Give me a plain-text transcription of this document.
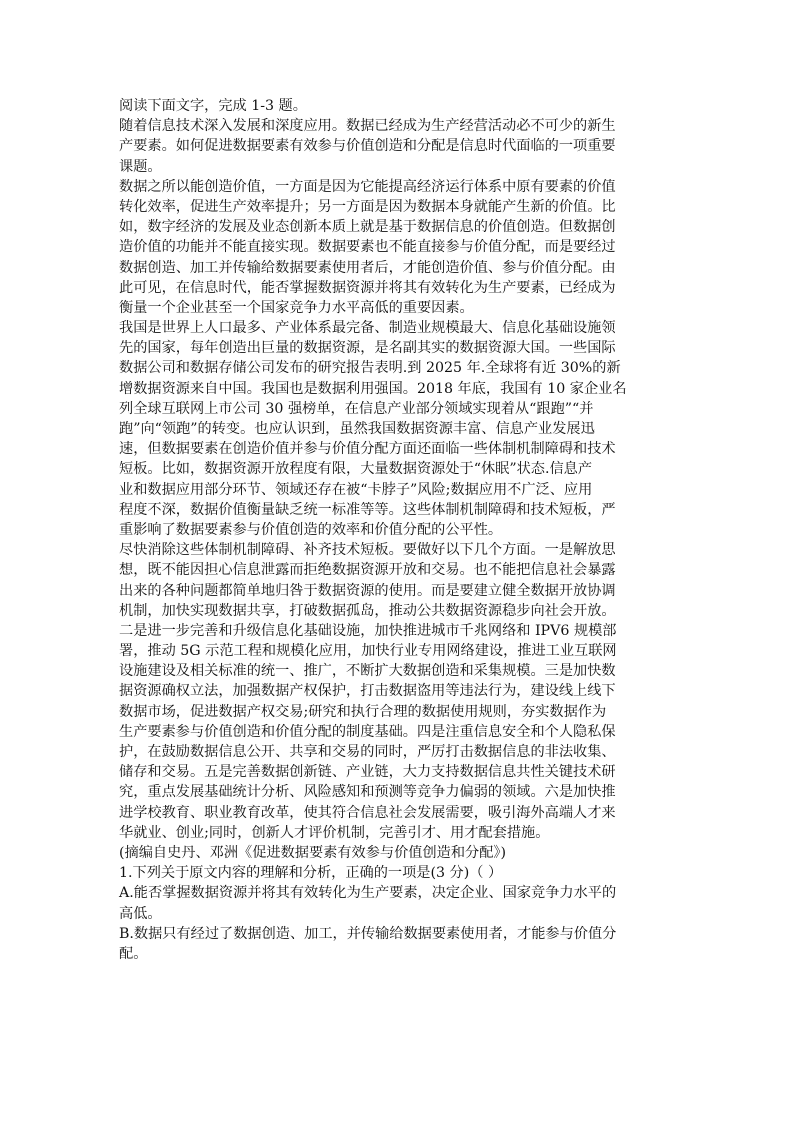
阅读下面文字，完成 1-3 题。
随着信息技术深入发展和深度应用。数据已经成为生产经营活动必不可少的新生
产要素。如何促进数据要素有效参与价值创造和分配是信息时代面临的一项重要
课题。
数据之所以能创造价值，一方面是因为它能提高经济运行体系中原有要素的价值
转化效率，促进生产效率提升；另一方面是因为数据本身就能产生新的价值。比
如，数字经济的发展及业态创新本质上就是基于数据信息的价值创造。但数据创
造价值的功能并不能直接实现。数据要素也不能直接参与价值分配，而是要经过
数据创造、加工并传输给数据要素使用者后，才能创造价值、参与价值分配。由
此可见，在信息时代，能否掌握数据资源并将其有效转化为生产要素，已经成为
衡量一个企业甚至一个国家竞争力水平高低的重要因素。
我国是世界上人口最多、产业体系最完备、制造业规模最大、信息化基础设施领
先的国家，每年创造出巨量的数据资源，是名副其实的数据资源大国。一些国际
数据公司和数据存储公司发布的研究报告表明.到 2025 年.全球将有近 30%的新
增数据资源来自中国。我国也是数据利用强国。2018 年底，我国有 10 家企业名
列全球互联网上市公司 30 强榜单，在信息产业部分领域实现着从“跟跑”“并
跑”向“领跑”的转变。也应认识到，虽然我国数据资源丰富、信息产业发展迅
速，但数据要素在创造价值并参与价值分配方面还面临一些体制机制障碍和技术
短板。比如，数据资源开放程度有限，大量数据资源处于“休眠”状态.信息产
业和数据应用部分环节、领域还存在被“卡脖子”风险;数据应用不广泛、应用
程度不深，数据价值衡量缺乏统一标准等等。这些体制机制障碍和技术短板，严
重影响了数据要素参与价值创造的效率和价值分配的公平性。
尽快消除这些体制机制障碍、补齐技术短板。要做好以下几个方面。一是解放思
想，既不能因担心信息泄露而拒绝数据资源开放和交易。也不能把信息社会暴露
出来的各种问题都简单地归咎于数据资源的使用。而是要建立健全数据开放协调
机制，加快实现数据共享，打破数据孤岛，推动公共数据资源稳步向社会开放。
二是进一步完善和升级信息化基础设施，加快推进城市千兆网络和 IPV6 规模部
署，推动 5G 示范工程和规模化应用，加快行业专用网络建设，推进工业互联网
设施建设及相关标准的统一、推广，不断扩大数据创造和采集规模。三是加快数
据资源确权立法，加强数据产权保护，打击数据盗用等违法行为，建设线上线下
数据市场，促进数据产权交易;研究和执行合理的数据使用规则，夯实数据作为
生产要素参与价值创造和价值分配的制度基础。四是注重信息安全和个人隐私保
护，在鼓励数据信息公开、共享和交易的同时，严厉打击数据信息的非法收集、
储存和交易。五是完善数据创新链、产业链，大力支持数据信息共性关键技术研
究，重点发展基础统计分析、风险感知和预测等竞争力偏弱的领域。六是加快推
进学校教育、职业教育改革，使其符合信息社会发展需要，吸引海外高端人才来
华就业、创业;同时，创新人才评价机制，完善引才、用才配套措施。
(摘编自史丹、邓洲《促进数据要素有效参与价值创造和分配》)
1.下列关于原文内容的理解和分析，正确的一项是(3 分)（ ）
A.能否掌握数据资源并将其有效转化为生产要素，决定企业、国家竞争力水平的
高低。
B.数据只有经过了数据创造、加工，并传输给数据要素使用者，才能参与价值分
配。
